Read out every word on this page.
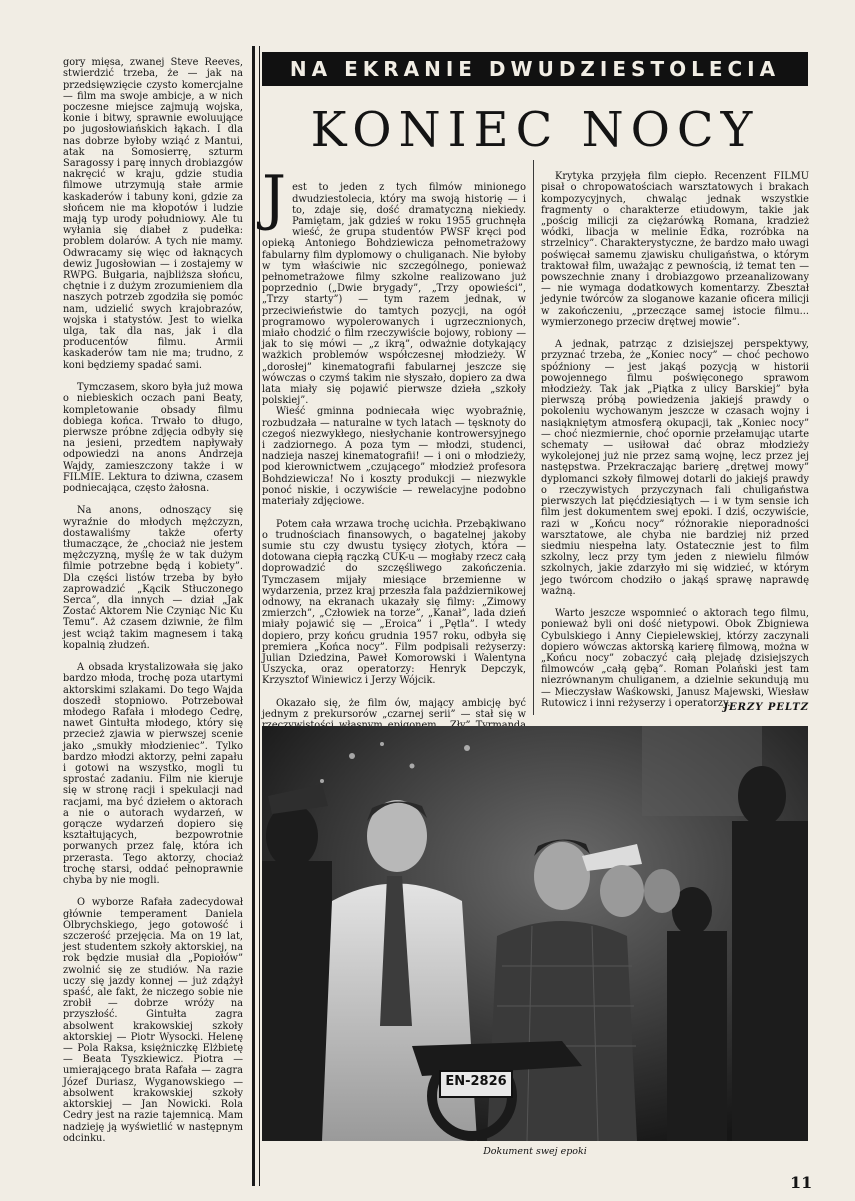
gory mięsa, zwanej Steve Reeves, stwierdzić trzeba, że — jak na przedsięwzięcie czysto komercjalne — film ma swoje ambicje, a w nich poczesne miejsce zajmują wojska, konie i bitwy, sprawnie ewoluujące po jugosłowiańskich łąkach. I dla nas dobrze byłoby wziąć z Mantui, atak na Somosierrę, szturm Saragossy i parę innych drobiazgów nakręcić w kraju, gdzie studia filmowe utrzymują stałe armie kaskaderów i tabuny koni, gdzie za słońcem nie ma kłopotów i ludzie mają typ urody południowy. Ale tu wyłania się diabeł z pudełka: problem dolarów. A tych nie mamy. Odwracamy się więc od łaknących dewiz Jugosłowian — i zostajemy w RWPG. Bułgaria, najbliższa słońcu, chętnie i z dużym zrozumieniem dla naszych potrzeb zgodziła się pomóc nam, udzielić swych krajobrazów, wojska i statystów. Jest to wielka ulga, tak dla nas, jak i dla producentów filmu. Armii kaskaderów tam nie ma; trudno, z koni będziemy spadać sami.

Tymczasem, skoro była już mowa o niebieskich oczach pani Beaty, kompletowanie obsady filmu dobiega końca. Trwało to długo, pierwsze próbne zdjęcia odbyły się na jesieni, przedtem napływały odpowiedzi na anons Andrzeja Wajdy, zamieszczony także i w FILMIE. Lektura to dziwna, czasem podniecająca, często żałosna.

Na anons, odnoszący się wyraźnie do młodych mężczyzn, dostawaliśmy także oferty tłumaczące, że „chociaż nie jestem mężczyzną, myślę że w tak dużym filmie potrzebne będą i kobiety”. Dla części listów trzeba by było zaprowadzić „Kącik Stłuczonego Serca”, dla innych — dział „Jak Zostać Aktorem Nie Czyniąc Nic Ku Temu”. Aż czasem dziwnie, że film jest wciąż takim magnesem i taką kopalnią złudzeń.

A obsada krystalizowała się jako bardzo młoda, trochę poza utartymi aktorskimi szlakami. Do tego Wajda doszedł stopniowo. Potrzebował młodego Rafała i młodego Cedrę, nawet Gintułta młodego, który się przecież zjawia w pierwszej scenie jako „smukły młodzieniec”. Tylko bardzo młodzi aktorzy, pełni zapału i gotowi na wszystko, mogli tu sprostać zadaniu. Film nie kieruje się w stronę racji i spekulacji nad racjami, ma być dziełem o aktorach a nie o autorach wydarzeń, w gorącze wydarzeń dopiero się kształtujących, bezpowrotnie porwanych przez falę, która ich przerasta. Tego aktorzy, chociaż trochę starsi, oddać pełnoprawnie chyba by nie mogli.

O wyborze Rafała zadecydował głównie temperament Daniela Olbrychskiego, jego gotowość i szczerość przejęcia. Ma on 19 lat, jest studentem szkoły aktorskiej, na rok będzie musiał dla „Popiołów” zwolnić się ze studiów. Na razie uczy się jazdy konnej — już zdążył spaść, ale fakt, że niczego sobie nie zrobił — dobrze wróży na przyszłość. Gintułta zagra absolwent krakowskiej szkoły aktorskiej — Piotr Wysocki. Helenę — Pola Raksa, księżniczkę Elżbietę — Beata Tyszkiewicz. Piotra — umierającego brata Rafała — zagra Józef Duriasz, Wyganowskiego — absolwent krakowskiej szkoły aktorskiej — Jan Nowicki. Rola Cedry jest na razie tajemnicą. Mam nadzieję ją wyświetlić w następnym odcinku.

NA EKRANIE DWUDZIESTOLECIA
KONIEC NOCY

J est to jeden z tych filmów minionego dwudziestolecia, który ma swoją historię — i to, zdaje się, dość dramatyczną niekiedy. Pamiętam, jak gdzieś w roku 1955 gruchnęła wieść, że grupa studentów PWSF kręci pod opieką Antoniego Bohdziewicza pełnometrażowy fabularny film dyplomowy o chuliganach. Nie byłoby w tym właściwie nic szczególnego, ponieważ pełnometrażowe filmy szkolne realizowano już poprzednio („Dwie brygady”, „Trzy opowieści”, „Trzy starty”) — tym razem jednak, w przeciwieństwie do tamtych pozycji, na ogół programowo wypolerowanych i ugrzecznionych, miało chodzić o film rzeczywiście bojowy, robiony — jak to się mówi — „z ikrą”, odważnie dotykający ważkich problemów współczesnej młodzieży. W „dorosłej” kinematografii fabularnej jeszcze się wówczas o czymś takim nie słyszało, dopiero za dwa lata miały się pojawić pierwsze dzieła „szkoły polskiej”.

Wieść gminna podniecała więc wyobraźnię, rozbudzała — naturalne w tych latach — tęsknoty do czegoś niezwykłego, niesłychanie kontrowersyjnego i zadziornego. A poza tym — młodzi, studenci, nadzieja naszej kinematografii! — i oni o młodzieży, pod kierownictwem „czującego” młodzież profesora Bohdziewicza! No i koszty produkcji — niezwykle ponoć niskie, i oczywiście — rewelacyjne podobno materiały zdjęciowe.

Potem cała wrzawa trochę ucichła. Przebąkiwano o trudnościach finansowych, o bagatelnej jakoby sumie stu czy dwustu tysięcy złotych, która — dotowana ciepłą rączką CUK-u — mogłaby rzecz całą doprowadzić do szczęśliwego zakończenia. Tymczasem mijały miesiące brzemienne w wydarzenia, przez kraj przeszła fala październikowej odnowy, na ekranach ukazały się filmy: „Zimowy zmierzch”, „Człowiek na torze”, „Kanał”, lada dzień miały pojawić się — „Eroica” i „Pętla”. I wtedy dopiero, przy końcu grudnia 1957 roku, odbyła się premiera „Końca nocy”. Film podpisali reżyserzy: Julian Dziedzina, Paweł Komorowski i Walentyna Uszycka, oraz operatorzy: Henryk Depczyk, Krzysztof Winiewicz i Jerzy Wójcik.

Okazało się, że film ów, mający ambicję być jednym z prekursorów „czarnej serii” — stał się w

Krytyka przyjęła film ciepło. Recenzent FILMU pisał o chropowatościach warsztatowych i brakach kompozycyjnych, chwaląc jednak wszystkie fragmenty o charakterze etiudowym, takie jak „pościg milicji za ciężarówką Romana, kradzież wódki, libacja w melinie Edka, rozróbka na strzelnicy”. Charakterystyczne, że bardzo mało uwagi poświęcał samemu zjawisku chuligaństwa, o którym traktował film, uważając z pewnością, iż temat ten — powszechnie znany i drobiazgowo przeanalizowany — nie wymaga dodatkowych komentarzy. Zbeształ jedynie twórców za sloganowe kazanie oficera milicji w zakończeniu, „przeczące samej istocie filmu... wymierzonego przeciw drętwej mowie”.

A jednak, patrząc z dzisiejszej perspektywy, przyznać trzeba, że „Koniec nocy” — choć pechowo spóźniony — jest jakąś pozycją w historii powojennego filmu poświęconego sprawom młodzieży. Tak jak „Piątka z ulicy Barskiej” była pierwszą próbą powiedzenia jakiejś prawdy o pokoleniu wychowanym jeszcze w czasach wojny i nasiąkniętym atmosferą okupacji, tak „Koniec nocy” — choć niezmiernie, choć opornie przełamując utarte schematy — usiłował dać obraz młodzieży wykolejonej już nie przez samą wojnę, lecz przez jej następstwa. Przekraczając barierę „drętwej mowy” dyplomanci szkoły filmowej dotarli do jakiejś prawdy o rzeczywistych przyczynach fali chuligaństwa pierwszych lat pięćdziesiątych — i w tym sensie ich film jest dokumentem swej epoki. I dziś, oczywiście, razi w „Końcu nocy” różnorakie nieporadności warsztatowe, ale chyba nie bardziej niż przed siedmiu niespełna laty. Ostatecznie jest to film szkolny, lecz przy tym jeden z niewielu filmów szkolnych, jakie zdarzyło mi się widzieć, w którym jego twórcom chodziło o jakąś sprawę naprawdę ważną.

Warto jeszcze wspomnieć o aktorach tego filmu, ponieważ byli oni dość nietypowi. Obok Zbigniewa Cybulskiego i Anny Ciepielewskiej, którzy zaczynali dopiero wówczas aktorską karierę filmową, można w „Końcu nocy” zobaczyć całą plejadę dzisiejszych filmowców „całą gębą”. Roman Polański jest tam niezrównanym chuliganem, a dzielnie sekundują mu — Mieczysław Waśkowski, Janusz Majewski, Wiesław Rutowicz i inni reżyserzy i operatorzy.

JERZY PELTZ

EN-2826
Dokument swej epoki
11
